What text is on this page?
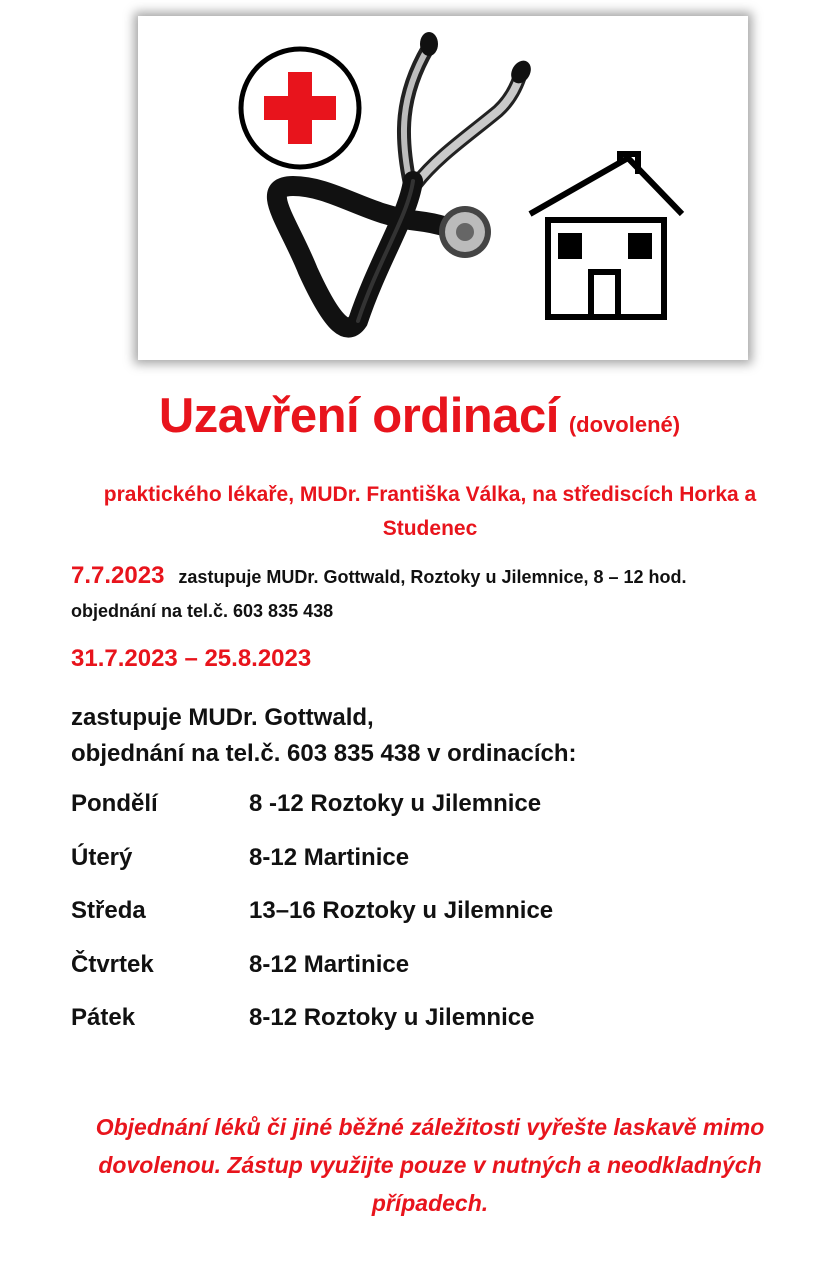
Uzavření ordinací (dovolené)
praktického lékaře, MUDr. Františka Válka, na střediscích Horka a Studenec
7.7.2023 zastupuje MUDr. Gottwald, Roztoky u Jilemnice, 8 – 12 hod.
objednání na tel.č. 603 835 438
31.7.2023 – 25.8.2023
zastupuje MUDr. Gottwald,
objednání na tel.č. 603 835 438 v ordinacích:
Pondělí	8 -12 Roztoky u Jilemnice
Úterý	8-12 Martinice
Středa	13–16 Roztoky u Jilemnice
Čtvrtek	8-12 Martinice
Pátek	8-12 Roztoky u Jilemnice
Objednání léků či jiné běžné záležitosti vyřešte laskavě mimo dovolenou. Zástup využijte pouze v nutných a neodkladných případech.
